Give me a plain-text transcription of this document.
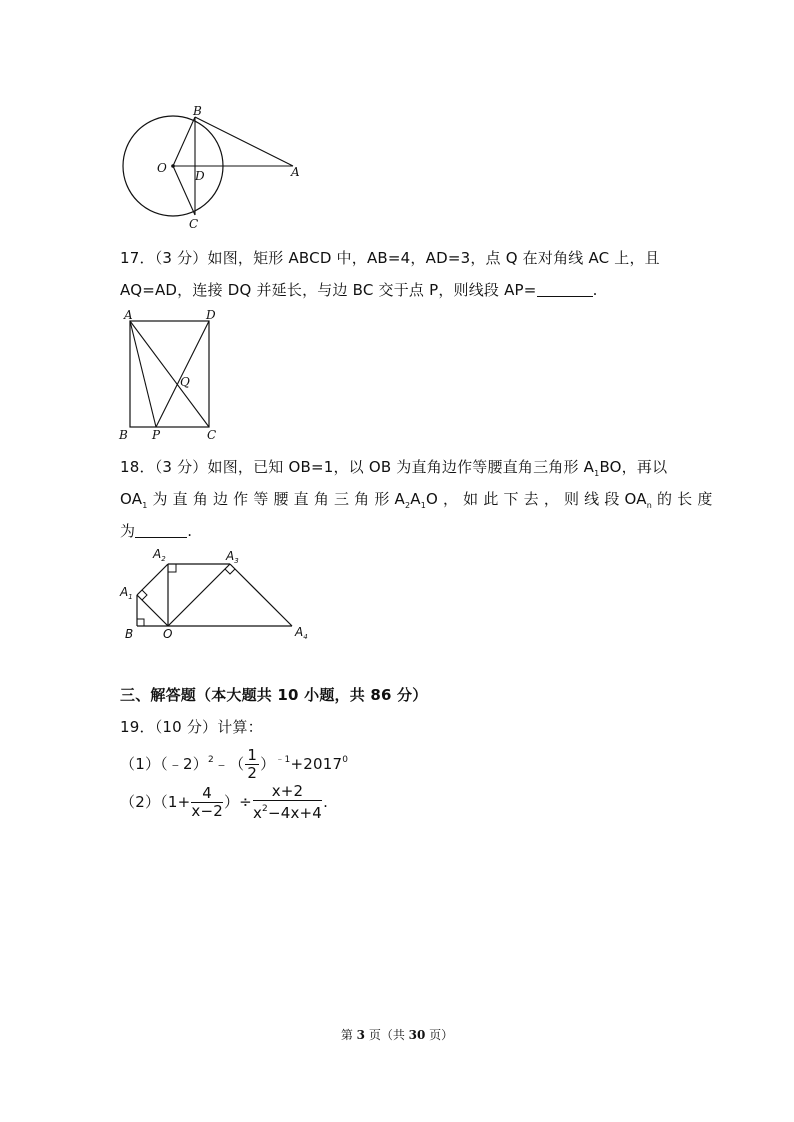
B
O
D	A
C
17．（3 分）如图，矩形 ABCD 中，AB=4，AD=3，点 Q 在对角线 AC 上，且
AQ=AD，连接 DQ 并延长，与边 BC 交于点 P，则线段 AP=	.
A	D
Q
B P	C
18．（3 分）如图，已知 OB=1，以 OB 为直角边作等腰直角三角形 $A_1BO$，再以
$OA_1$ 为 直 角 边 作 等 腰 直 角 三 角 形 $A_2A_1O$ ， 如 此 下 去 ， 则 线 段 $OA_n$ 的 长 度
为	.
$A_1$
$A_2$	$A_3$
$A_4$
B O
三、解答题（本大题共 10 小题，共 86 分）
19．（10 分）计算：
（1）（﹣2）$^2$﹣（ $\frac{1}{2} )^{﹣1}+2017^0$
$(2)(1+ \frac{4}{x-2}$ ）÷ $\frac{x+2}{x^2-4x+4}$ .
第 3 页（共 30 页）
